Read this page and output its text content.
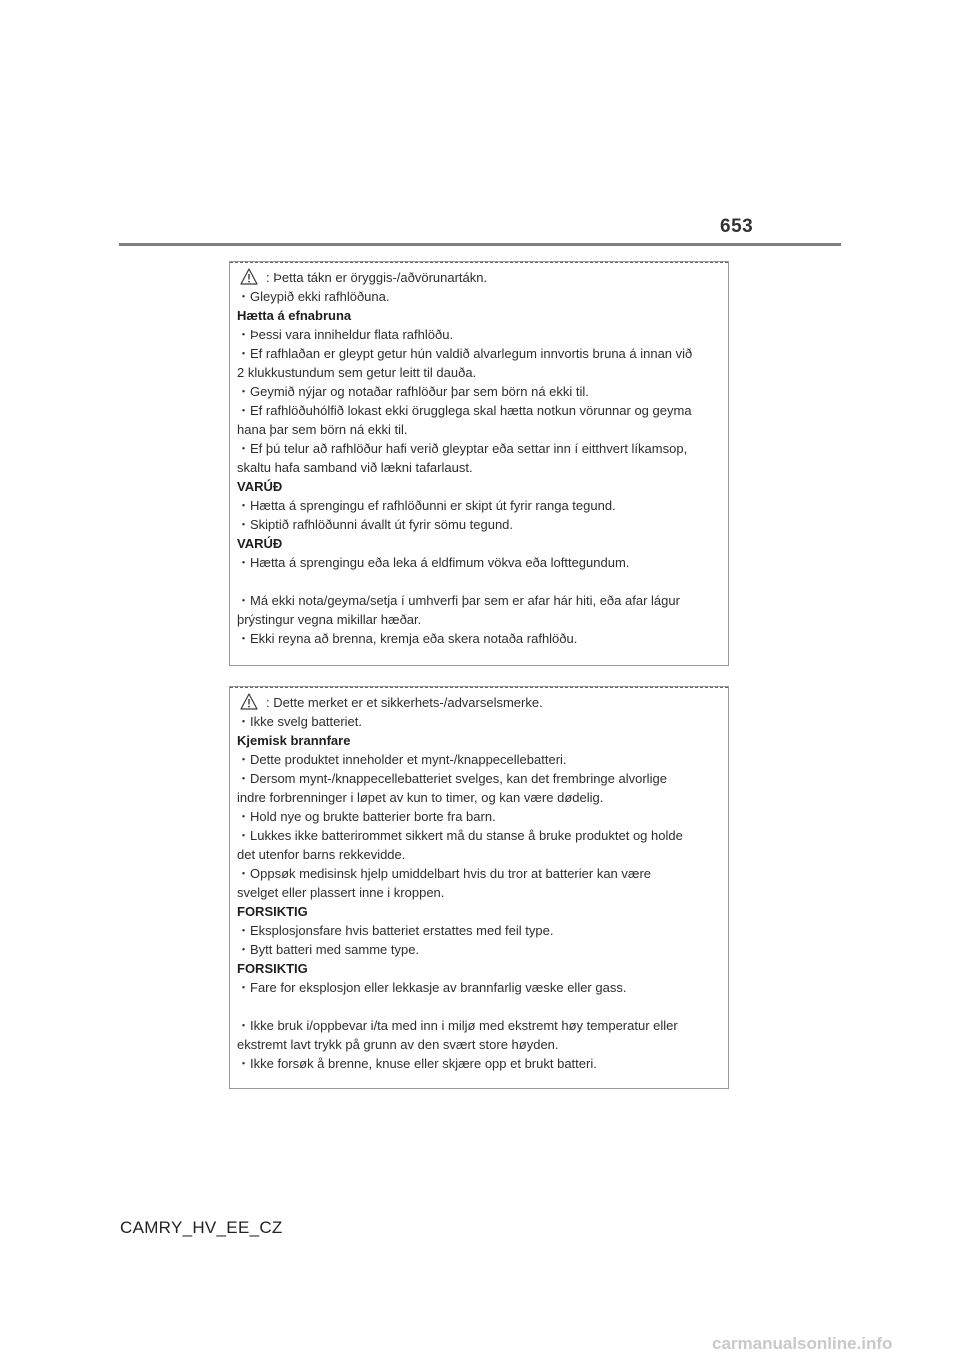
653
: Þetta tákn er öryggis-/aðvörunartákn.
・Gleypið ekki rafhlöðuna.
Hætta á efnabruna
・Þessi vara inniheldur flata rafhlöðu.
・Ef rafhlaðan er gleypt getur hún valdið alvarlegum innvortis bruna á innan við
2 klukkustundum sem getur leitt til dauða.
・Geymið nýjar og notaðar rafhlöður þar sem börn ná ekki til.
・Ef rafhlöðuhólfið lokast ekki örugglega skal hætta notkun vörunnar og geyma
hana þar sem börn ná ekki til.
・Ef þú telur að rafhlöður hafi verið gleyptar eða settar inn í eitthvert líkamsop,
skaltu hafa samband við lækni tafarlaust.
VARÚÐ
・Hætta á sprengingu ef rafhlöðunni er skipt út fyrir ranga tegund.
・Skiptið rafhlöðunni ávallt út fyrir sömu tegund.
VARÚÐ
・Hætta á sprengingu eða leka á eldfimum vökva eða lofttegundum.
・Má ekki nota/geyma/setja í umhverfi þar sem er afar hár hiti, eða afar lágur
þrýstingur vegna mikillar hæðar.
・Ekki reyna að brenna, kremja eða skera notaða rafhlöðu.
: Dette merket er et sikkerhets-/advarselsmerke.
・Ikke svelg batteriet.
Kjemisk brannfare
・Dette produktet inneholder et mynt-/knappecellebatteri.
・Dersom mynt-/knappecellebatteriet svelges, kan det frembringe alvorlige
indre forbrenninger i løpet av kun to timer, og kan være dødelig.
・Hold nye og brukte batterier borte fra barn.
・Lukkes ikke batterirommet sikkert må du stanse å bruke produktet og holde
det utenfor barns rekkevidde.
・Oppsøk medisinsk hjelp umiddelbart hvis du tror at batterier kan være
svelget eller plassert inne i kroppen.
FORSIKTIG
・Eksplosjonsfare hvis batteriet erstattes med feil type.
・Bytt batteri med samme type.
FORSIKTIG
・Fare for eksplosjon eller lekkasje av brannfarlig væske eller gass.
・Ikke bruk i/oppbevar i/ta med inn i miljø med ekstremt høy temperatur eller
ekstremt lavt trykk på grunn av den svært store høyden.
・Ikke forsøk å brenne, knuse eller skjære opp et brukt batteri.
CAMRY_HV_EE_CZ
carmanualsonline.info
